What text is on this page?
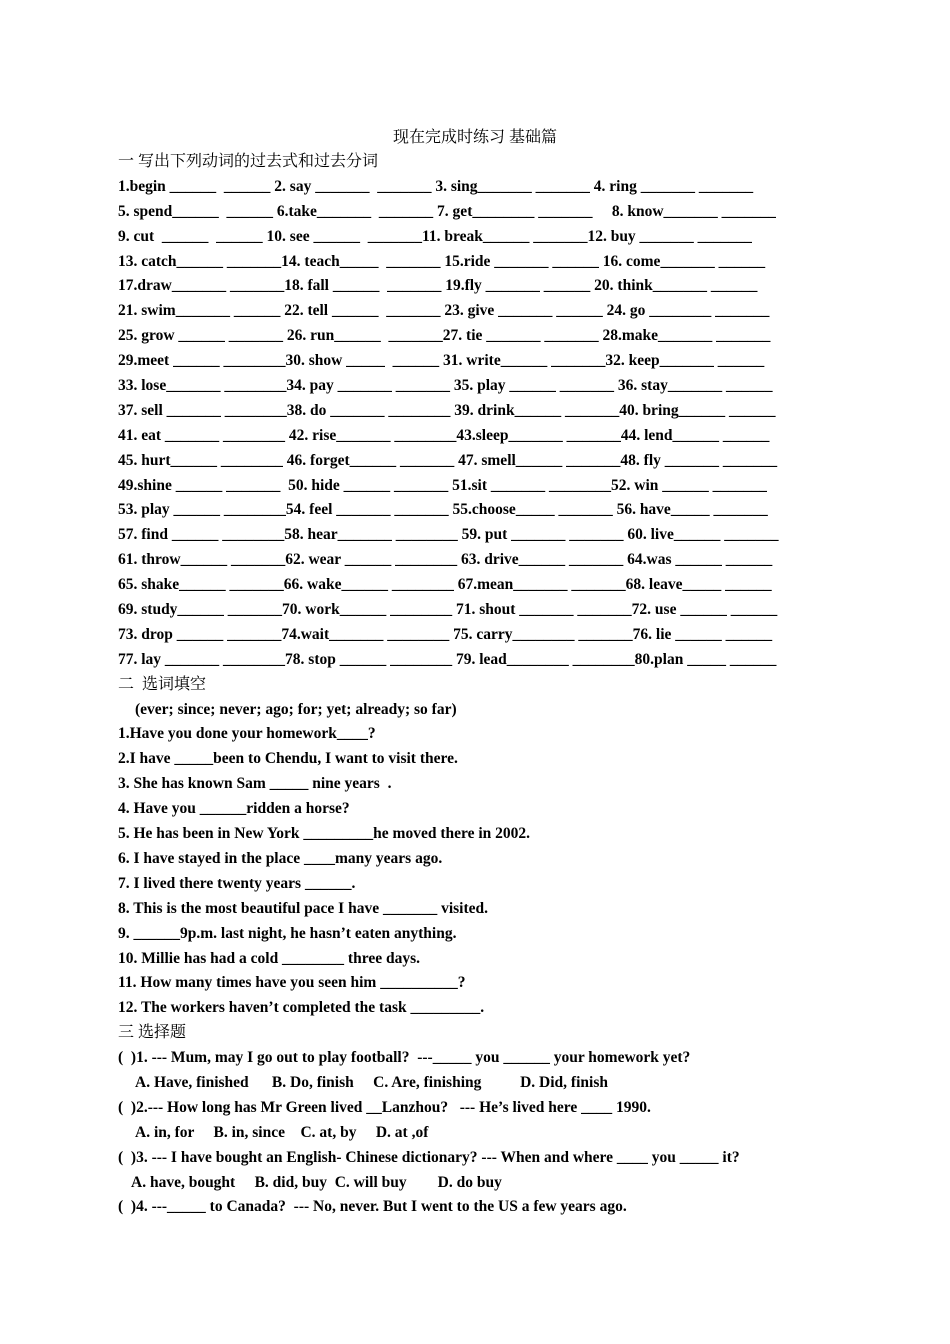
现在完成时练习 基础篇
一 写出下列动词的过去式和过去分词
1.begin ______  ______ 2. say _______  _______ 3. sing_______ _______ 4. ring _______ _______
5. spend______  ______ 6.take_______  _______ 7. get________ _______     8. know_______ _______
9. cut  ______  ______ 10. see ______  _______11. break______ _______12. buy _______ _______
13. catch______ _______14. teach_____  _______ 15.ride _______ ______ 16. come_______ ______
17.draw_______ _______18. fall ______  _______ 19.fly _______ ______ 20. think_______ ______
21. swim_______ ______ 22. tell ______  _______ 23. give _______ ______ 24. go ________ _______
25. grow ______ _______ 26. run______  _______27. tie _______ _______ 28.make_______ _______
29.meet ______ ________30. show _____  ______ 31. write______ _______32. keep_______ ______
33. lose_______ ________34. pay _______ _______ 35. play ______ _______ 36. stay_______ ______
37. sell _______ ________38. do _______ ________ 39. drink______ _______40. bring______ ______
41. eat _______ ________ 42. rise_______ ________43.sleep_______ _______44. lend______ ______
45. hurt______ ________ 46. forget______ _______ 47. smell______ _______48. fly _______ _______
49.shine ______ _______  50. hide ______ _______ 51.sit _______ ________52. win ______ _______
53. play ______ ________54. feel _______ _______ 55.choose_____ _______ 56. have_____ _______
57. find ______ ________58. hear_______ ________ 59. put _______ _______ 60. live______ _______
61. throw______ _______62. wear ______ ________ 63. drive______ _______ 64.was ______ ______
65. shake______ _______66. wake______ ________ 67.mean_______ _______68. leave_____ ______
69. study______ _______70. work______ ________ 71. shout _______ _______72. use ______ ______
73. drop ______ _______74.wait_______ ________ 75. carry________ _______76. lie ______ ______
77. lay _______ ________78. stop ______ ________ 79. lead________ ________80.plan _____ ______
二  选词填空
(ever; since; never; ago; for; yet; already; so far)
1.Have you done your homework____?
2.I have _____been to Chendu, I want to visit there.
3. She has known Sam _____ nine years  .
4. Have you ______ridden a horse?
5. He has been in New York _________he moved there in 2002.
6. I have stayed in the place ____many years ago.
7. I lived there twenty years ______.
8. This is the most beautiful pace I have _______ visited.
9. ______9p.m. last night, he hasn’t eaten anything.
10. Millie has had a cold ________ three days.
11. How many times have you seen him __________?
12. The workers haven’t completed the task _________.
三 选择题
(  )1. --- Mum, may I go out to play football?  ---_____ you ______ your homework yet?
A. Have, finished      B. Do, finish     C. Are, finishing          D. Did, finish
(  )2.--- How long has Mr Green lived __Lanzhou?   --- He’s lived here ____ 1990.
A. in, for     B. in, since    C. at, by     D. at ,of
(  )3. --- I have bought an English- Chinese dictionary? --- When and where ____ you _____ it?
A. have, bought     B. did, buy  C. will buy        D. do buy
(  )4. ---_____ to Canada?  --- No, never. But I went to the US a few years ago.
